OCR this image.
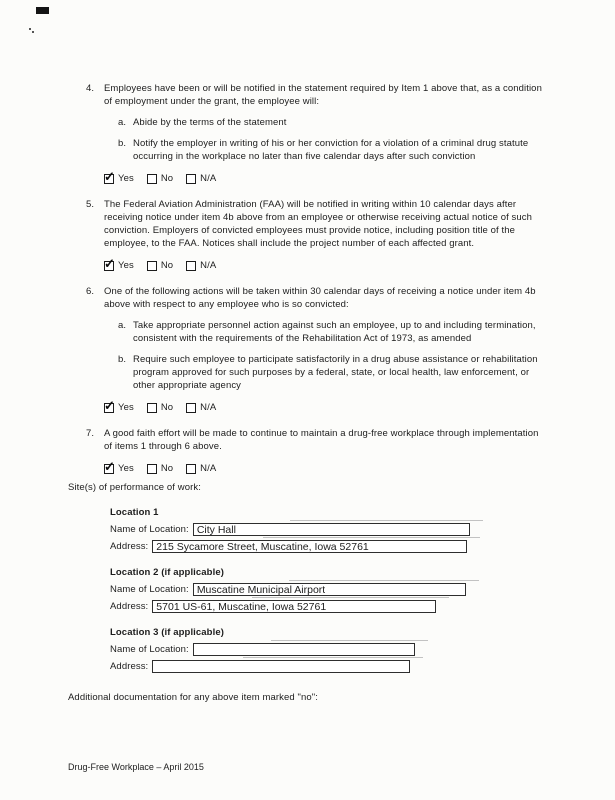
4.	Employees have been or will be notified in the statement required by Item 1 above that, as a condition of employment under the grant, the employee will:
a. Abide by the terms of the statement
b. Notify the employer in writing of his or her conviction for a violation of a criminal drug statute occurring in the workplace no later than five calendar days after such conviction
✓
Yes	No	N/A
5.	The Federal Aviation Administration (FAA) will be notified in writing within 10 calendar days after receiving notice under item 4b above from an employee or otherwise receiving actual notice of such conviction. Employers of convicted employees must provide notice, including position title of the employee, to the FAA. Notices shall include the project number of each affected grant.
✓
Yes	No	N/A
6.	One of the following actions will be taken within 30 calendar days of receiving a notice under item 4b above with respect to any employee who is so convicted:
a. Take appropriate personnel action against such an employee, up to and including termination, consistent with the requirements of the Rehabilitation Act of 1973, as amended
b. Require such employee to participate satisfactorily in a drug abuse assistance or rehabilitation program approved for such purposes by a federal, state, or local health, law enforcement, or other appropriate agency
✓
Yes	No	N/A
7.	A good faith effort will be made to continue to maintain a drug-free workplace through implementation of items 1 through 6 above.
✓
Yes	No	N/A
Site(s) of performance of work:
Location 1
Name of Location: City Hall
Address: 215 Sycamore Street, Muscatine, Iowa 52761
Location 2 (if applicable)
Name of Location: Muscatine Municipal Airport
Address: 5701 US-61, Muscatine, Iowa 52761
Location 3 (if applicable)
Name of Location:
Address:
Additional documentation for any above item marked "no":
Drug-Free Workplace – April 2015
